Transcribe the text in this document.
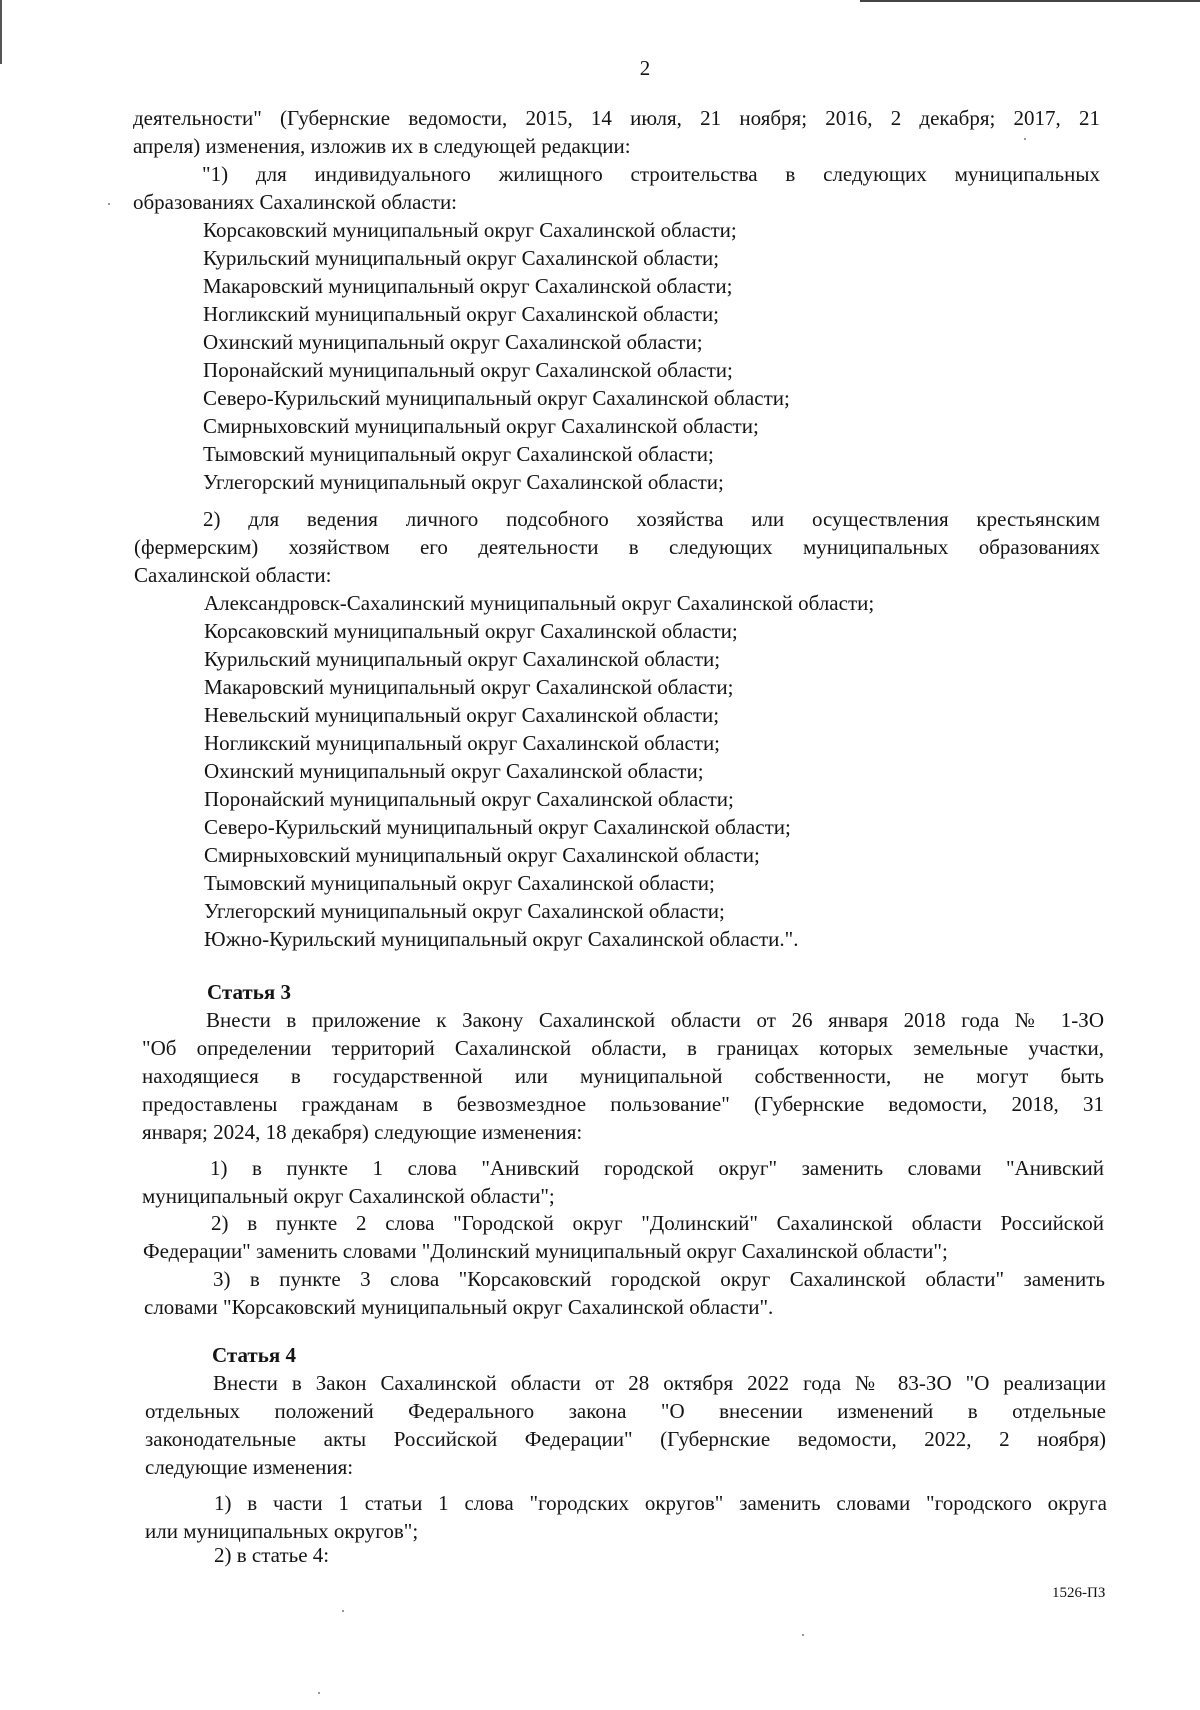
2
деятельности" (Губернские ведомости, 2015, 14 июля, 21 ноября; 2016, 2 декабря; 2017, 21
апреля) изменения, изложив их в следующей редакции:
"1) для индивидуального жилищного строительства в следующих муниципальных
образованиях Сахалинской области:

Корсаковский муниципальный округ Сахалинской области;

Курильский муниципальный округ Сахалинской области;

Макаровский муниципальный округ Сахалинской области;

Ногликский муниципальный округ Сахалинской области;

Охинский муниципальный округ Сахалинской области;

Поронайский муниципальный округ Сахалинской области;

Северо-Курильский муниципальный округ Сахалинской области;

Смирныховский муниципальный округ Сахалинской области;

Тымовский муниципальный округ Сахалинской области;

Углегорский муниципальный округ Сахалинской области;

2) для ведения личного подсобного хозяйства или осуществления крестьянским
(фермерским) хозяйством его деятельности в следующих муниципальных образованиях
Сахалинской области:

Александровск-Сахалинский муниципальный округ Сахалинской области;

Корсаковский муниципальный округ Сахалинской области;

Курильский муниципальный округ Сахалинской области;

Макаровский муниципальный округ Сахалинской области;

Невельский муниципальный округ Сахалинской области;

Ногликский муниципальный округ Сахалинской области;

Охинский муниципальный округ Сахалинской области;

Поронайский муниципальный округ Сахалинской области;

Северо-Курильский муниципальный округ Сахалинской области;

Смирныховский муниципальный округ Сахалинской области;

Тымовский муниципальный округ Сахалинской области;

Углегорский муниципальный округ Сахалинской области;

Южно-Курильский муниципальный округ Сахалинской области.".

Статья 3
Внести в приложение к Закону Сахалинской области от 26 января 2018 года № 1-ЗО
"Об определении территорий Сахалинской области, в границах которых земельные участки,
находящиеся в государственной или муниципальной собственности, не могут быть
предоставлены гражданам в безвозмездное пользование" (Губернские ведомости, 2018, 31
января; 2024, 18 декабря) следующие изменения:
1) в пункте 1 слова "Анивский городской округ" заменить словами "Анивский
муниципальный округ Сахалинской области";
2) в пункте 2 слова "Городской округ "Долинский" Сахалинской области Российской
Федерации" заменить словами "Долинский муниципальный округ Сахалинской области";
3) в пункте 3 слова "Корсаковский городской округ Сахалинской области" заменить
словами "Корсаковский муниципальный округ Сахалинской области".
Статья 4
Внести в Закон Сахалинской области от 28 октября 2022 года № 83-ЗО "О реализации
отдельных положений Федерального закона "О внесении изменений в отдельные
законодательные акты Российской Федерации" (Губернские ведомости, 2022, 2 ноября)
следующие изменения:
1) в части 1 статьи 1 слова "городских округов" заменить словами "городского округа
или муниципальных округов";
2) в статье 4:
1526-ПЗ
